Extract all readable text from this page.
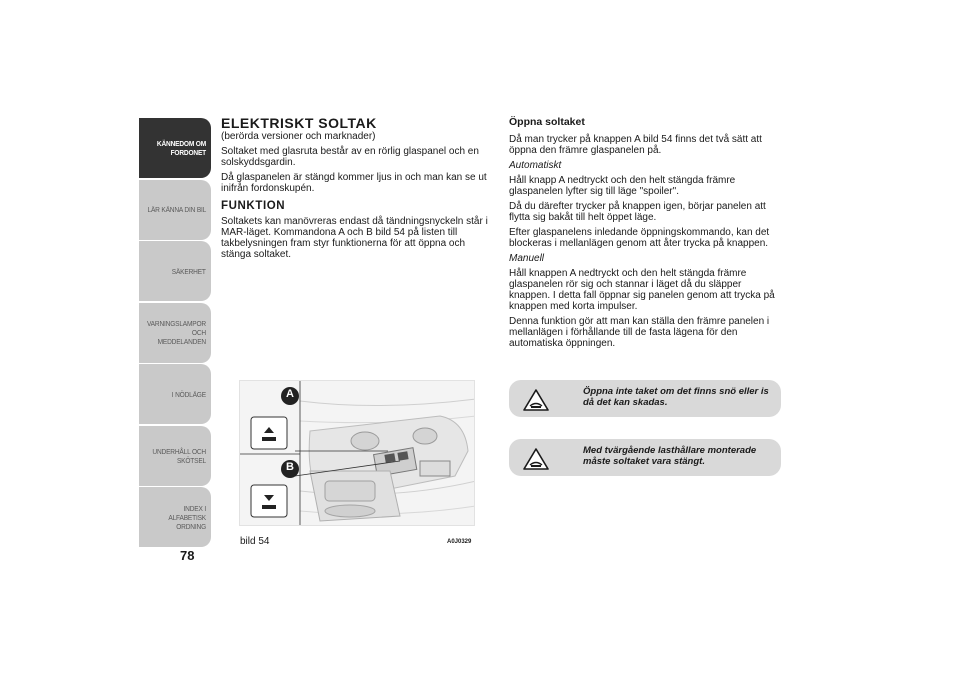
KÄNNEDOM OM FORDONET
LÄR KÄNNA DIN BIL
SÄKERHET
VARNINGSLAMPOR OCH MEDDELANDEN
I NÖDLÄGE
UNDERHÅLL OCH SKÖTSEL
INDEX I ALFABETISK ORDNING
78
ELEKTRISKT SOLTAK

(berörda versioner och marknader)

Soltaket med glasruta består av en rörlig glaspanel och en solskyddsgardin.

Då glaspanelen är stängd kommer ljus in och man kan se ut inifrån fordonskupén.

FUNKTION

Soltakets kan manövreras endast då tändningsnyckeln står i MAR-läget. Kommandona A och B bild 54 på listen till takbelysningen fram styr funktionerna för att öppna och stänga soltaket.

A
B
bild 54	A0J0329
Öppna soltaket

Då man trycker på knappen A bild 54 finns det två sätt att öppna den främre glaspanelen på.

Automatiskt

Håll knapp A nedtryckt och den helt stängda främre glaspanelen lyfter sig till läge "spoiler".

Då du därefter trycker på knappen igen, börjar panelen att flytta sig bakåt till helt öppet läge.

Efter glaspanelens inledande öppningskommando, kan det blockeras i mellanlägen genom att åter trycka på knappen.

Manuell

Håll knappen A nedtryckt och den helt stängda främre glaspanelen rör sig och stannar i läget då du släpper knappen. I detta fall öppnar sig panelen genom att trycka på knappen med korta impulser.

Denna funktion gör att man kan ställa den främre panelen i mellanlägen i förhållande till de fasta lägena för den automatiska öppningen.

Öppna inte taket om det finns snö eller is då det kan skadas.
Med tvärgående lasthållare monterade måste soltaket vara stängt.
